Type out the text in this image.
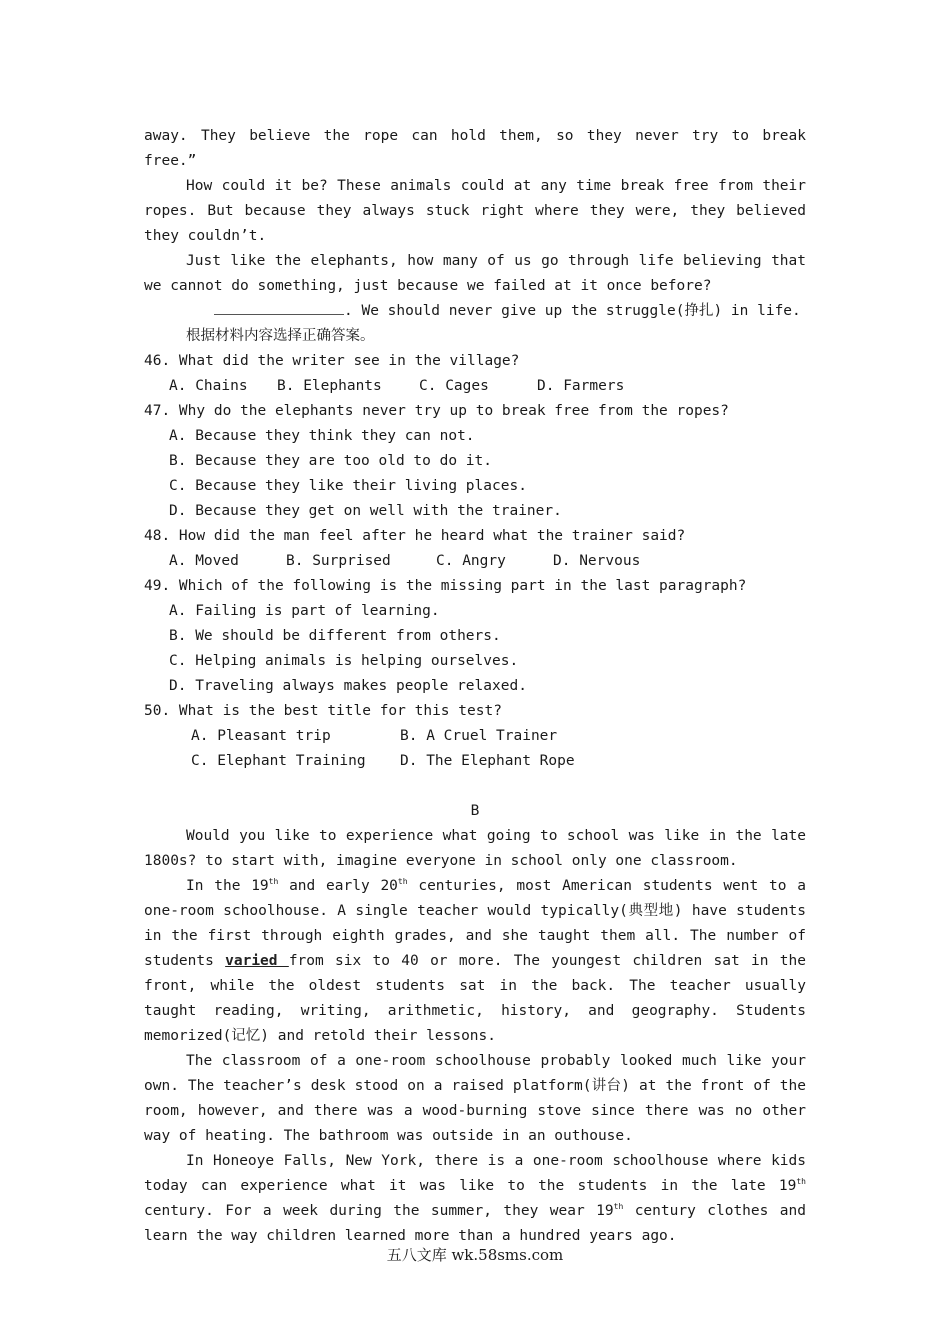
away. They believe the rope can hold them, so they never try to break free.”

How could it be? These animals could at any time break free from their ropes. But because they always stuck right where they were, they believed they couldn’t.

Just like the elephants, how many of us go through life believing that we cannot do something, just because we failed at it once before?

. We should never give up the struggle(挣扎) in life.

根据材料内容选择正确答案。

46. What did the writer see in the village?

A. Chains B. Elephants	C. Cages	D. Farmers

47. Why do the elephants never try up to break free from the ropes?

A. Because they think they can not.

B. Because they are too old to do it.

C. Because they like their living places.

D. Because they get on well with the trainer.

48. How did the man feel after he heard what the trainer said?

A. Moved	B. Surprised	C. Angry	D. Nervous

49. Which of the following is the missing part in the last paragraph?

A. Failing is part of learning.

B. We should be different from others.

C. Helping animals is helping ourselves.

D. Traveling always makes people relaxed.

50. What is the best title for this test?

A. Pleasant trip	B. A Cruel Trainer
C. Elephant Training	D. The Elephant Rope

B

Would you like to experience what going to school was like in the late 1800s? to start with, imagine everyone in school only one classroom.

In the 19th and early 20th centuries, most American students went to a one-room schoolhouse. A single teacher would typically(典型地) have students in the first through eighth grades, and she taught them all. The number of students varied from six to 40 or more. The youngest children sat in the front, while the oldest students sat in the back. The teacher usually taught reading, writing, arithmetic, history, and geography. Students memorized(记忆) and retold their lessons.

The classroom of a one-room schoolhouse probably looked much like your own. The teacher’s desk stood on a raised platform(讲台) at the front of the room, however, and there was a wood-burning stove since there was no other way of heating. The bathroom was outside in an outhouse.

In Honeoye Falls, New York, there is a one-room schoolhouse where kids today can experience what it was like to the students in the late 19th century. For a week during the summer, they wear 19th century clothes and learn the way children learned more than a hundred years ago.

五八文库 wk.58sms.com
